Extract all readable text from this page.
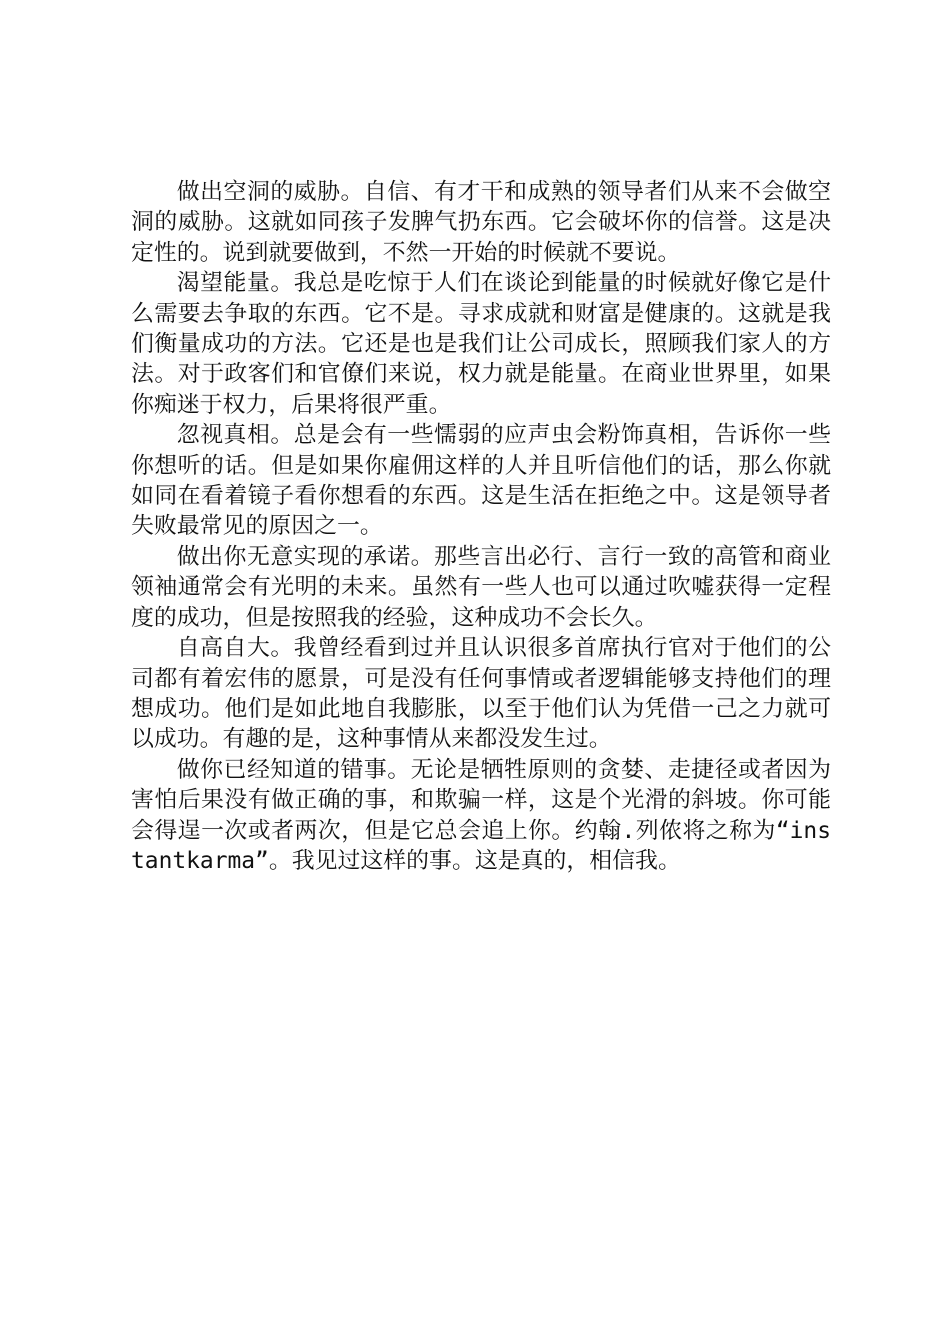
做出空洞的威胁。自信、有才干和成熟的领导者们从来不会做空洞的威胁。这就如同孩子发脾气扔东西。它会破坏你的信誉。这是决定性的。说到就要做到，不然一开始的时候就不要说。

渴望能量。我总是吃惊于人们在谈论到能量的时候就好像它是什么需要去争取的东西。它不是。寻求成就和财富是健康的。这就是我们衡量成功的方法。它还是也是我们让公司成长，照顾我们家人的方法。对于政客们和官僚们来说，权力就是能量。在商业世界里，如果你痴迷于权力，后果将很严重。

忽视真相。总是会有一些懦弱的应声虫会粉饰真相，告诉你一些你想听的话。但是如果你雇佣这样的人并且听信他们的话，那么你就如同在看着镜子看你想看的东西。这是生活在拒绝之中。这是领导者失败最常见的原因之一。

做出你无意实现的承诺。那些言出必行、言行一致的高管和商业领袖通常会有光明的未来。虽然有一些人也可以通过吹嘘获得一定程度的成功，但是按照我的经验，这种成功不会长久。

自高自大。我曾经看到过并且认识很多首席执行官对于他们的公司都有着宏伟的愿景，可是没有任何事情或者逻辑能够支持他们的理想成功。他们是如此地自我膨胀，以至于他们认为凭借一己之力就可以成功。有趣的是，这种事情从来都没发生过。

做你已经知道的错事。无论是牺牲原则的贪婪、走捷径或者因为害怕后果没有做正确的事，和欺骗一样，这是个光滑的斜坡。你可能会得逞一次或者两次，但是它总会追上你。约翰.列侬将之称为“instantkarma”。我见过这样的事。这是真的，相信我。
